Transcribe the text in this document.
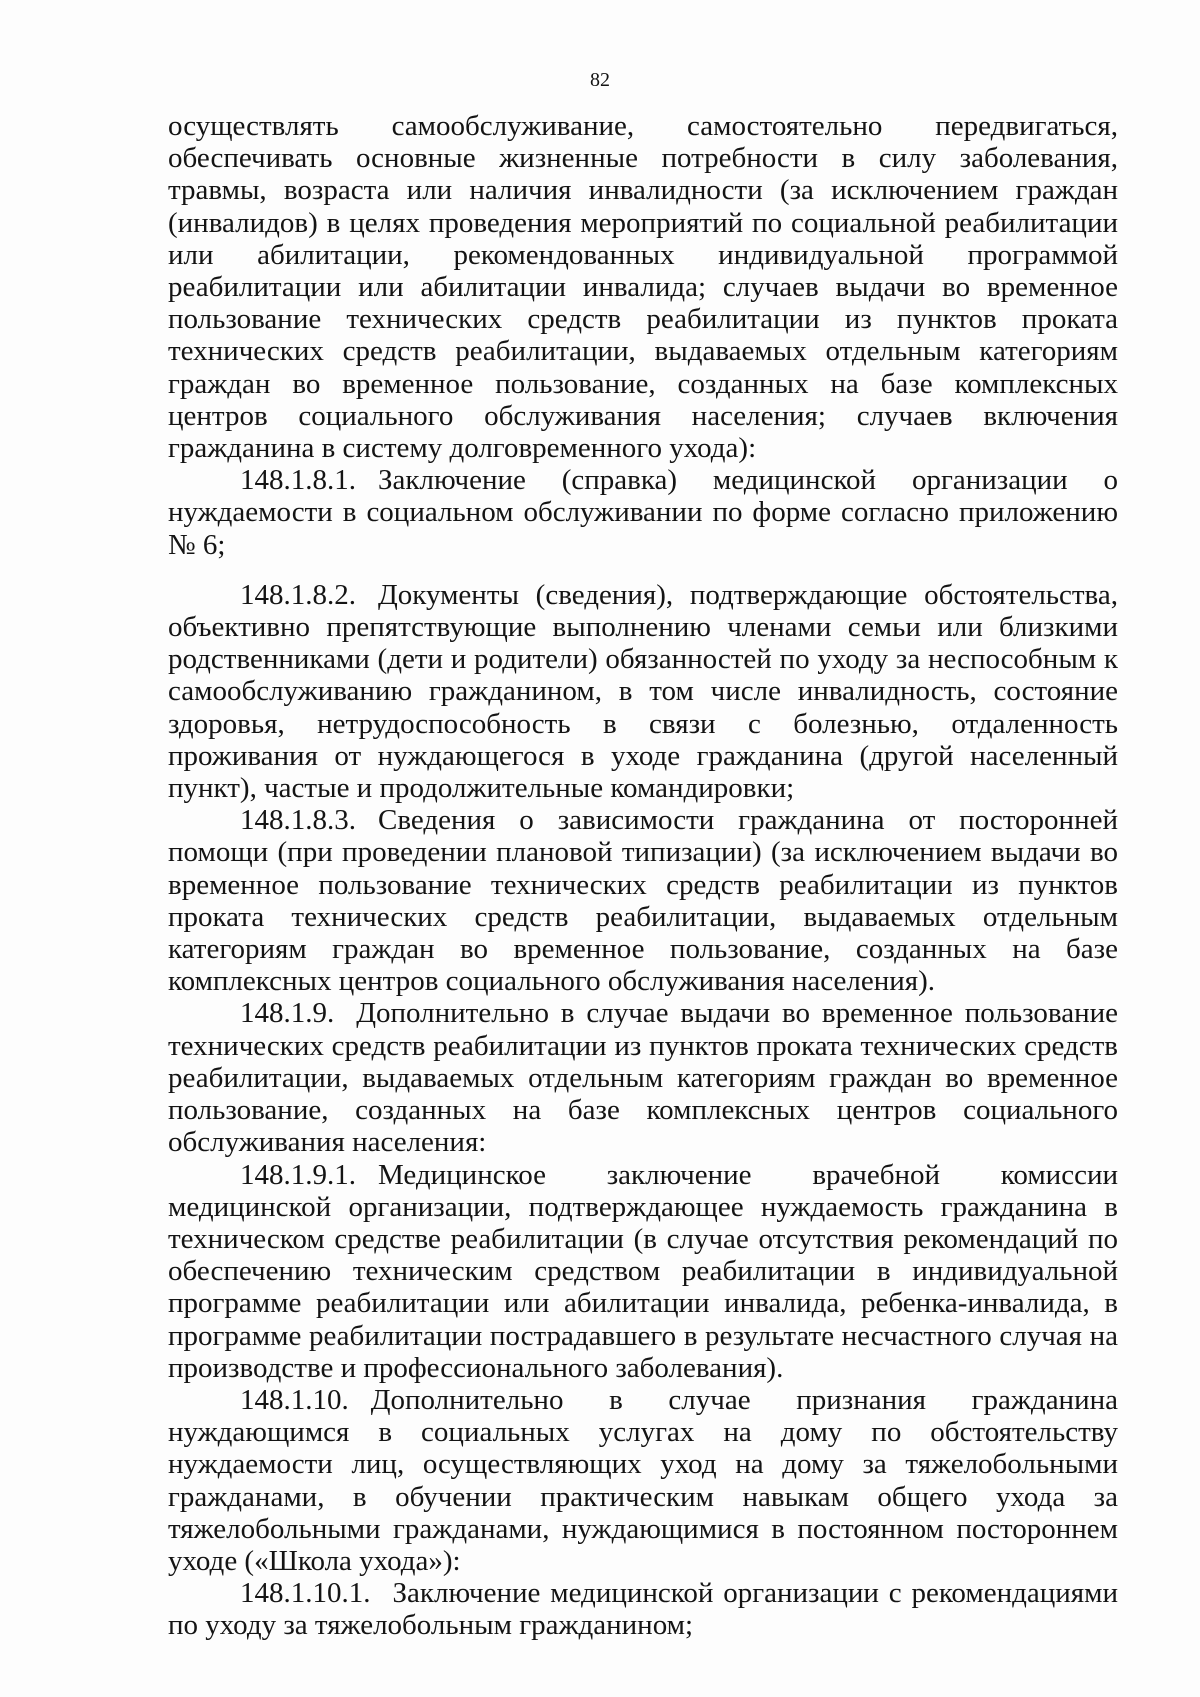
82

осуществлять самообслуживание, самостоятельно передвигаться, обеспечивать основные жизненные потребности в силу заболевания, травмы, возраста или наличия инвалидности (за исключением граждан (инвалидов) в целях проведения мероприятий по социальной реабилитации или абилитации, рекомендованных индивидуальной программой реабилитации или абилитации инвалида; случаев выдачи во временное пользование технических средств реабилитации из пунктов проката технических средств реабилитации, выдаваемых отдельным категориям граждан во временное пользование, созданных на базе комплексных центров социального обслуживания населения; случаев включения гражданина в систему долговременного ухода):

148.1.8.1. Заключение (справка) медицинской организации о нуждаемости в социальном обслуживании по форме согласно приложению № 6;

148.1.8.2. Документы (сведения), подтверждающие обстоятельства, объективно препятствующие выполнению членами семьи или близкими родственниками (дети и родители) обязанностей по уходу за неспособным к самообслуживанию гражданином, в том числе инвалидность, состояние здоровья, нетрудоспособность в связи с болезнью, отдаленность проживания от нуждающегося в уходе гражданина (другой населенный пункт), частые и продолжительные командировки;

148.1.8.3. Сведения о зависимости гражданина от посторонней помощи (при проведении плановой типизации) (за исключением выдачи во временное пользование технических средств реабилитации из пунктов проката технических средств реабилитации, выдаваемых отдельным категориям граждан во временное пользование, созданных на базе комплексных центров социального обслуживания населения).

148.1.9. Дополнительно в случае выдачи во временное пользование технических средств реабилитации из пунктов проката технических средств реабилитации, выдаваемых отдельным категориям граждан во временное пользование, созданных на базе комплексных центров социального обслуживания населения:

148.1.9.1. Медицинское заключение врачебной комиссии медицинской организации, подтверждающее нуждаемость гражданина в техническом средстве реабилитации (в случае отсутствия рекомендаций по обеспечению техническим средством реабилитации в индивидуальной программе реабилитации или абилитации инвалида, ребенка-инвалида, в программе реабилитации пострадавшего в результате несчастного случая на производстве и профессионального заболевания).

148.1.10. Дополнительно в случае признания гражданина нуждающимся в социальных услугах на дому по обстоятельству нуждаемости лиц, осуществляющих уход на дому за тяжелобольными гражданами, в обучении практическим навыкам общего ухода за тяжелобольными гражданами, нуждающимися в постоянном постороннем уходе («Школа ухода»):

148.1.10.1. Заключение медицинской организации с рекомендациями по уходу за тяжелобольным гражданином;
